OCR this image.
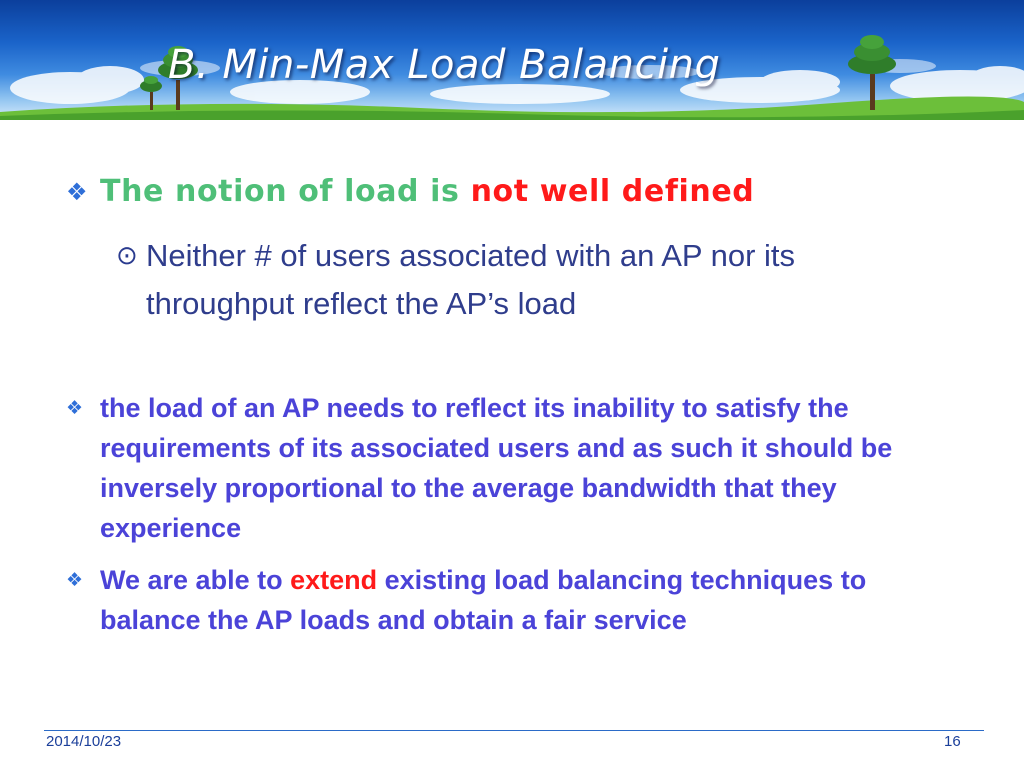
B. Min-Max Load Balancing
❖ The notion of load is not well defined
⊙ Neither # of users associated with an AP nor its throughput reflect the AP’s load
❖ the load of an AP needs to reflect its inability to satisfy the requirements of its associated users and as such it should be inversely proportional to the average bandwidth that they experience
❖ We are able to extend existing load balancing techniques to balance the AP loads and obtain a fair service
2014/10/23	16
